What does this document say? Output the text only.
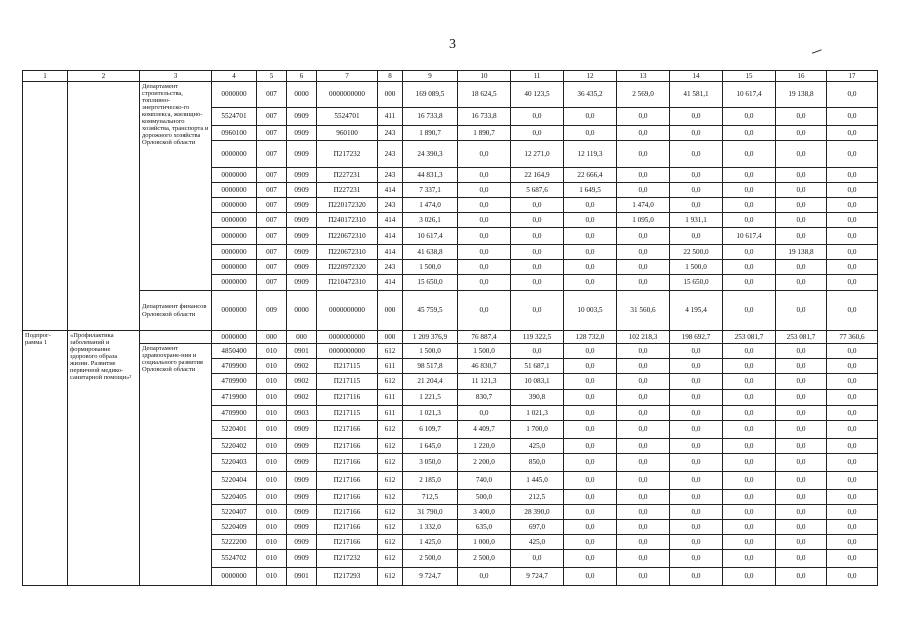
3
1	2	3	4	5	6	7	8	9	10	11	12	13	14	15	16	17
		Департамент строительства, топливно-энергетическо-го комплекса, жилищно-коммунального хозяйства, транспорта и дорожного хозяйства Орловской области	0000000	007	0000	0000000000	000	169 089,5	18 624,5	40 123,5	36 435,2	2 569,0	41 581,1	10 617,4	19 138,8	0,0
			5524701	007	0909	5524701	411	16 733,8	16 733,8	0,0	0,0	0,0	0,0	0,0	0,0	0,0
			0960100	007	0909	960100	243	1 890,7	1 890,7	0,0	0,0	0,0	0,0	0,0	0,0	0,0
			0000000	007	0909	П217232	243	24 390,3	0,0	12 271,0	12 119,3	0,0	0,0	0,0	0,0	0,0
			0000000	007	0909	П227231	243	44 831,3	0,0	22 164,9	22 666,4	0,0	0,0	0,0	0,0	0,0
			0000000	007	0909	П227231	414	7 337,1	0,0	5 687,6	1 649,5	0,0	0,0	0,0	0,0	0,0
			0000000	007	0909	П220172320	243	1 474,0	0,0	0,0	0,0	1 474,0	0,0	0,0	0,0	0,0
			0000000	007	0909	П240172310	414	3 026,1	0,0	0,0	0,0	1 095,0	1 931,1	0,0	0,0	0,0
			0000000	007	0909	П220672310	414	10 617,4	0,0	0,0	0,0	0,0	0,0	10 617,4	0,0	0,0
			0000000	007	0909	П220672310	414	41 638,8	0,0	0,0	0,0	0,0	22 500,0	0,0	19 138,8	0,0
			0000000	007	0909	П220972320	243	1 500,0	0,0	0,0	0,0	0,0	1 500,0	0,0	0,0	0,0
			0000000	007	0909	П210472310	414	15 650,0	0,0	0,0	0,0	0,0	15 650,0	0,0	0,0	0,0
		Департамент финансов Орловской области	0000000	009	0000	0000000000	000	45 759,5	0,0	0,0	10 003,5	31 560,6	4 195,4	0,0	0,0	0,0
Подпрог-рамма 1	«Профилактика заболеваний и формирование здорового образа жизни. Развитие первичной медико-санитарной помощи»²		0000000	000	000	0000000000	000	1 209 376,9	76 887,4	119 322,5	128 732,0	102 218,3	198 692,7	253 081,7	253 081,7	77 360,6
		Департамент здравоохране-ния и социального развития Орловской области	4850400	010	0901	0000000000	612	1 500,0	1 500,0	0,0	0,0	0,0	0,0	0,0	0,0	0,0
			4709900	010	0902	П217115	611	98 517,8	46 830,7	51 687,1	0,0	0,0	0,0	0,0	0,0	0,0
			4709900	010	0902	П217115	612	21 204,4	11 121,3	10 083,1	0,0	0,0	0,0	0,0	0,0	0,0
			4719900	010	0902	П217116	611	1 221,5	830,7	390,8	0,0	0,0	0,0	0,0	0,0	0,0
			4709900	010	0903	П217115	611	1 021,3	0,0	1 021,3	0,0	0,0	0,0	0,0	0,0	0,0
			5220401	010	0909	П217166	612	6 109,7	4 409,7	1 700,0	0,0	0,0	0,0	0,0	0,0	0,0
			5220402	010	0909	П217166	612	1 645,0	1 220,0	425,0	0,0	0,0	0,0	0,0	0,0	0,0
			5220403	010	0909	П217166	612	3 050,0	2 200,0	850,0	0,0	0,0	0,0	0,0	0,0	0,0
			5220404	010	0909	П217166	612	2 185,0	740,0	1 445,0	0,0	0,0	0,0	0,0	0,0	0,0
			5220405	010	0909	П217166	612	712,5	500,0	212,5	0,0	0,0	0,0	0,0	0,0	0,0
			5220407	010	0909	П217166	612	31 790,0	3 400,0	28 390,0	0,0	0,0	0,0	0,0	0,0	0,0
			5220409	010	0909	П217166	612	1 332,0	635,0	697,0	0,0	0,0	0,0	0,0	0,0	0,0
			5222200	010	0909	П217166	612	1 425,0	1 000,0	425,0	0,0	0,0	0,0	0,0	0,0	0,0
			5524702	010	0909	П217232	612	2 500,0	2 500,0	0,0	0,0	0,0	0,0	0,0	0,0	0,0
			0000000	010	0901	П217293	612	9 724,7	0,0	9 724,7	0,0	0,0	0,0	0,0	0,0	0,0
